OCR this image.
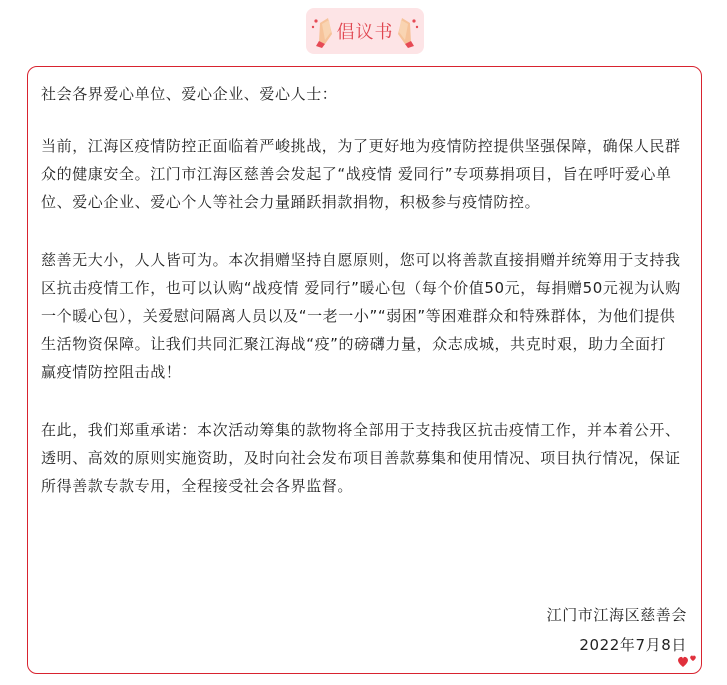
倡议书

社会各界爱心单位、爱心企业、爱心人士：

当前，江海区疫情防控正面临着严峻挑战，为了更好地为疫情防控提供坚强保障，确保人民群众的健康安全。江门市江海区慈善会发起了“战疫情 爱同行”专项募捐项目，旨在呼吁爱心单位、爱心企业、爱心个人等社会力量踊跃捐款捐物，积极参与疫情防控。

慈善无大小，人人皆可为。本次捐赠坚持自愿原则，您可以将善款直接捐赠并统筹用于支持我区抗击疫情工作，也可以认购“战疫情 爱同行”暖心包（每个价值50元，每捐赠50元视为认购一个暖心包），关爱慰问隔离人员以及“一老一小”“弱困”等困难群众和特殊群体，为他们提供生活物资保障。让我们共同汇聚江海战“疫”的磅礴力量，众志成城，共克时艰，助力全面打赢疫情防控阻击战！

在此，我们郑重承诺：本次活动筹集的款物将全部用于支持我区抗击疫情工作，并本着公开、透明、高效的原则实施资助，及时向社会发布项目善款募集和使用情况、项目执行情况，保证所得善款专款专用，全程接受社会各界监督。

江门市江海区慈善会
2022年7月8日
